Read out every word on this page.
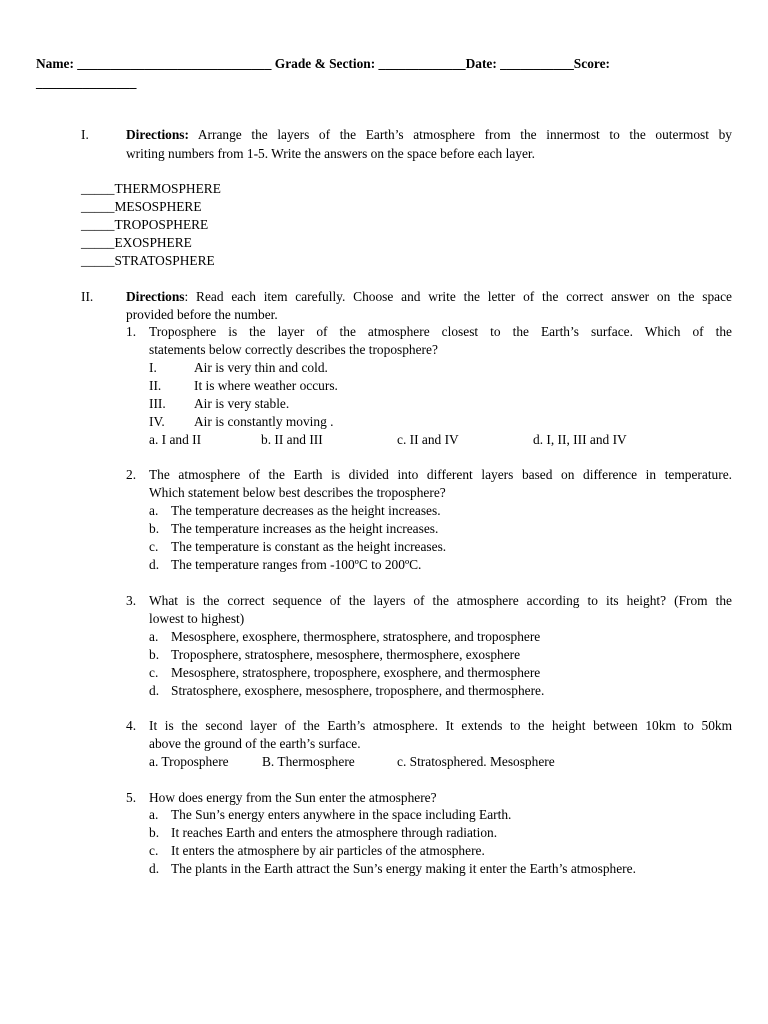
Name: _____________________________ Grade & Section: _____________Date: ___________Score:
_______________
I.	Directions: Arrange the layers of the Earth’s atmosphere from the innermost to the outermost by
writing numbers from 1-5. Write the answers on the space before each layer.
_____THERMOSPHERE
_____MESOSPHERE
_____TROPOSPHERE
_____EXOSPHERE
_____STRATOSPHERE
II. Directions: Read each item carefully. Choose and write the letter of the correct answer on the space
provided before the number.
1. Troposphere is the layer of the atmosphere closest to the Earth’s surface. Which of the
statements below correctly describes the troposphere?
I.	Air is very thin and cold.
II. It is where weather occurs.
III. Air is very stable.
IV. Air is constantly moving .
a. I and II	b. II and III	c. II and IV	d. I, II, III and IV
2. The atmosphere of the Earth is divided into different layers based on difference in temperature.
Which statement below best describes the troposphere?
a. The temperature decreases as the height increases.
b. The temperature increases as the height increases.
c. The temperature is constant as the height increases.
d. The temperature ranges from -100ºC to 200ºC.
3. What is the correct sequence of the layers of the atmosphere according to its height? (From the
lowest to highest)
a. Mesosphere, exosphere, thermosphere, stratosphere, and troposphere
b. Troposphere, stratosphere, mesosphere, thermosphere, exosphere
c. Mesosphere, stratosphere, troposphere, exosphere, and thermosphere
d. Stratosphere, exosphere, mesosphere, troposphere, and thermosphere.
4. It is the second layer of the Earth’s atmosphere. It extends to the height between 10km to 50km
above the ground of the earth’s surface.
a. Troposphere B. Thermosphere	c. Stratosphered. Mesosphere
5. How does energy from the Sun enter the atmosphere?
a. The Sun’s energy enters anywhere in the space including Earth.
b. It reaches Earth and enters the atmosphere through radiation.
c. It enters the atmosphere by air particles of the atmosphere.
d. The plants in the Earth attract the Sun’s energy making it enter the Earth’s atmosphere.
